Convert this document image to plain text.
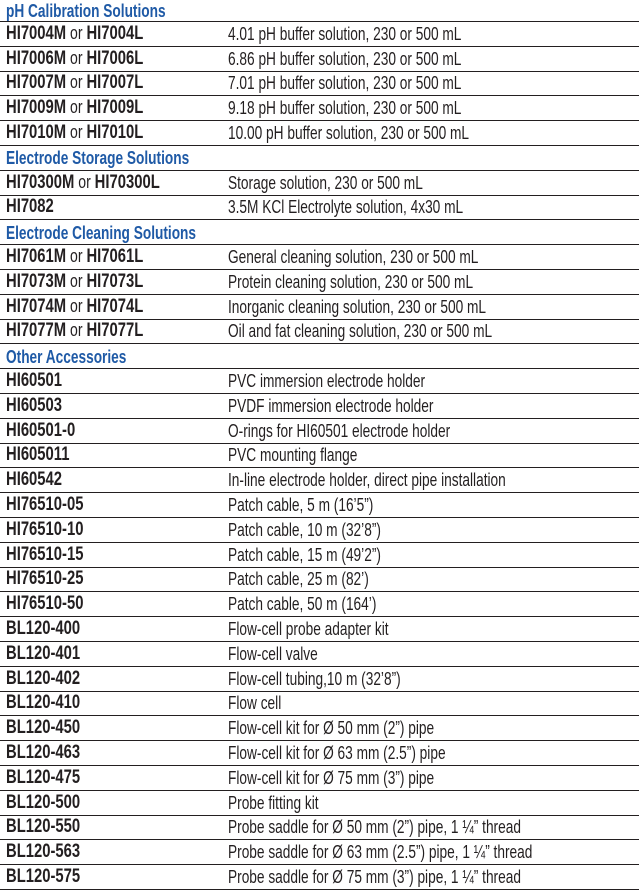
pH Calibration Solutions
HI7004M or HI7004L	4.01 pH buffer solution, 230 or 500 mL
HI7006M or HI7006L	6.86 pH buffer solution, 230 or 500 mL
HI7007M or HI7007L	7.01 pH buffer solution, 230 or 500 mL
HI7009M or HI7009L	9.18 pH buffer solution, 230 or 500 mL
HI7010M or HI7010L	10.00 pH buffer solution, 230 or 500 mL
Electrode Storage Solutions
HI70300M or HI70300L	Storage solution, 230 or 500 mL
HI7082	3.5M KCl Electrolyte solution, 4x30 mL
Electrode Cleaning Solutions
HI7061M or HI7061L	General cleaning solution, 230 or 500 mL
HI7073M or HI7073L	Protein cleaning solution, 230 or 500 mL
HI7074M or HI7074L	Inorganic cleaning solution, 230 or 500 mL
HI7077M or HI7077L	Oil and fat cleaning solution, 230 or 500 mL
Other Accessories
HI60501	PVC immersion electrode holder
HI60503	PVDF immersion electrode holder
HI60501-0	O-rings for HI60501 electrode holder
HI605011	PVC mounting flange
HI60542	In-line electrode holder, direct pipe installation
HI76510-05	Patch cable, 5 m (16’5”)
HI76510-10	Patch cable, 10 m (32’8”)
HI76510-15	Patch cable, 15 m (49’2”)
HI76510-25	Patch cable, 25 m (82’)
HI76510-50	Patch cable, 50 m (164’)
BL120-400	Flow-cell probe adapter kit
BL120-401	Flow-cell valve
BL120-402	Flow-cell tubing,10 m (32’8”)
BL120-410	Flow cell
BL120-450	Flow-cell kit for Ø 50 mm (2”) pipe
BL120-463	Flow-cell kit for Ø 63 mm (2.5”) pipe
BL120-475	Flow-cell kit for Ø 75 mm (3”) pipe
BL120-500	Probe fitting kit
BL120-550	Probe saddle for Ø 50 mm (2”) pipe, 1 ¼” thread
BL120-563	Probe saddle for Ø 63 mm (2.5”) pipe, 1 ¼” thread
BL120-575	Probe saddle for Ø 75 mm (3”) pipe, 1 ¼” thread
